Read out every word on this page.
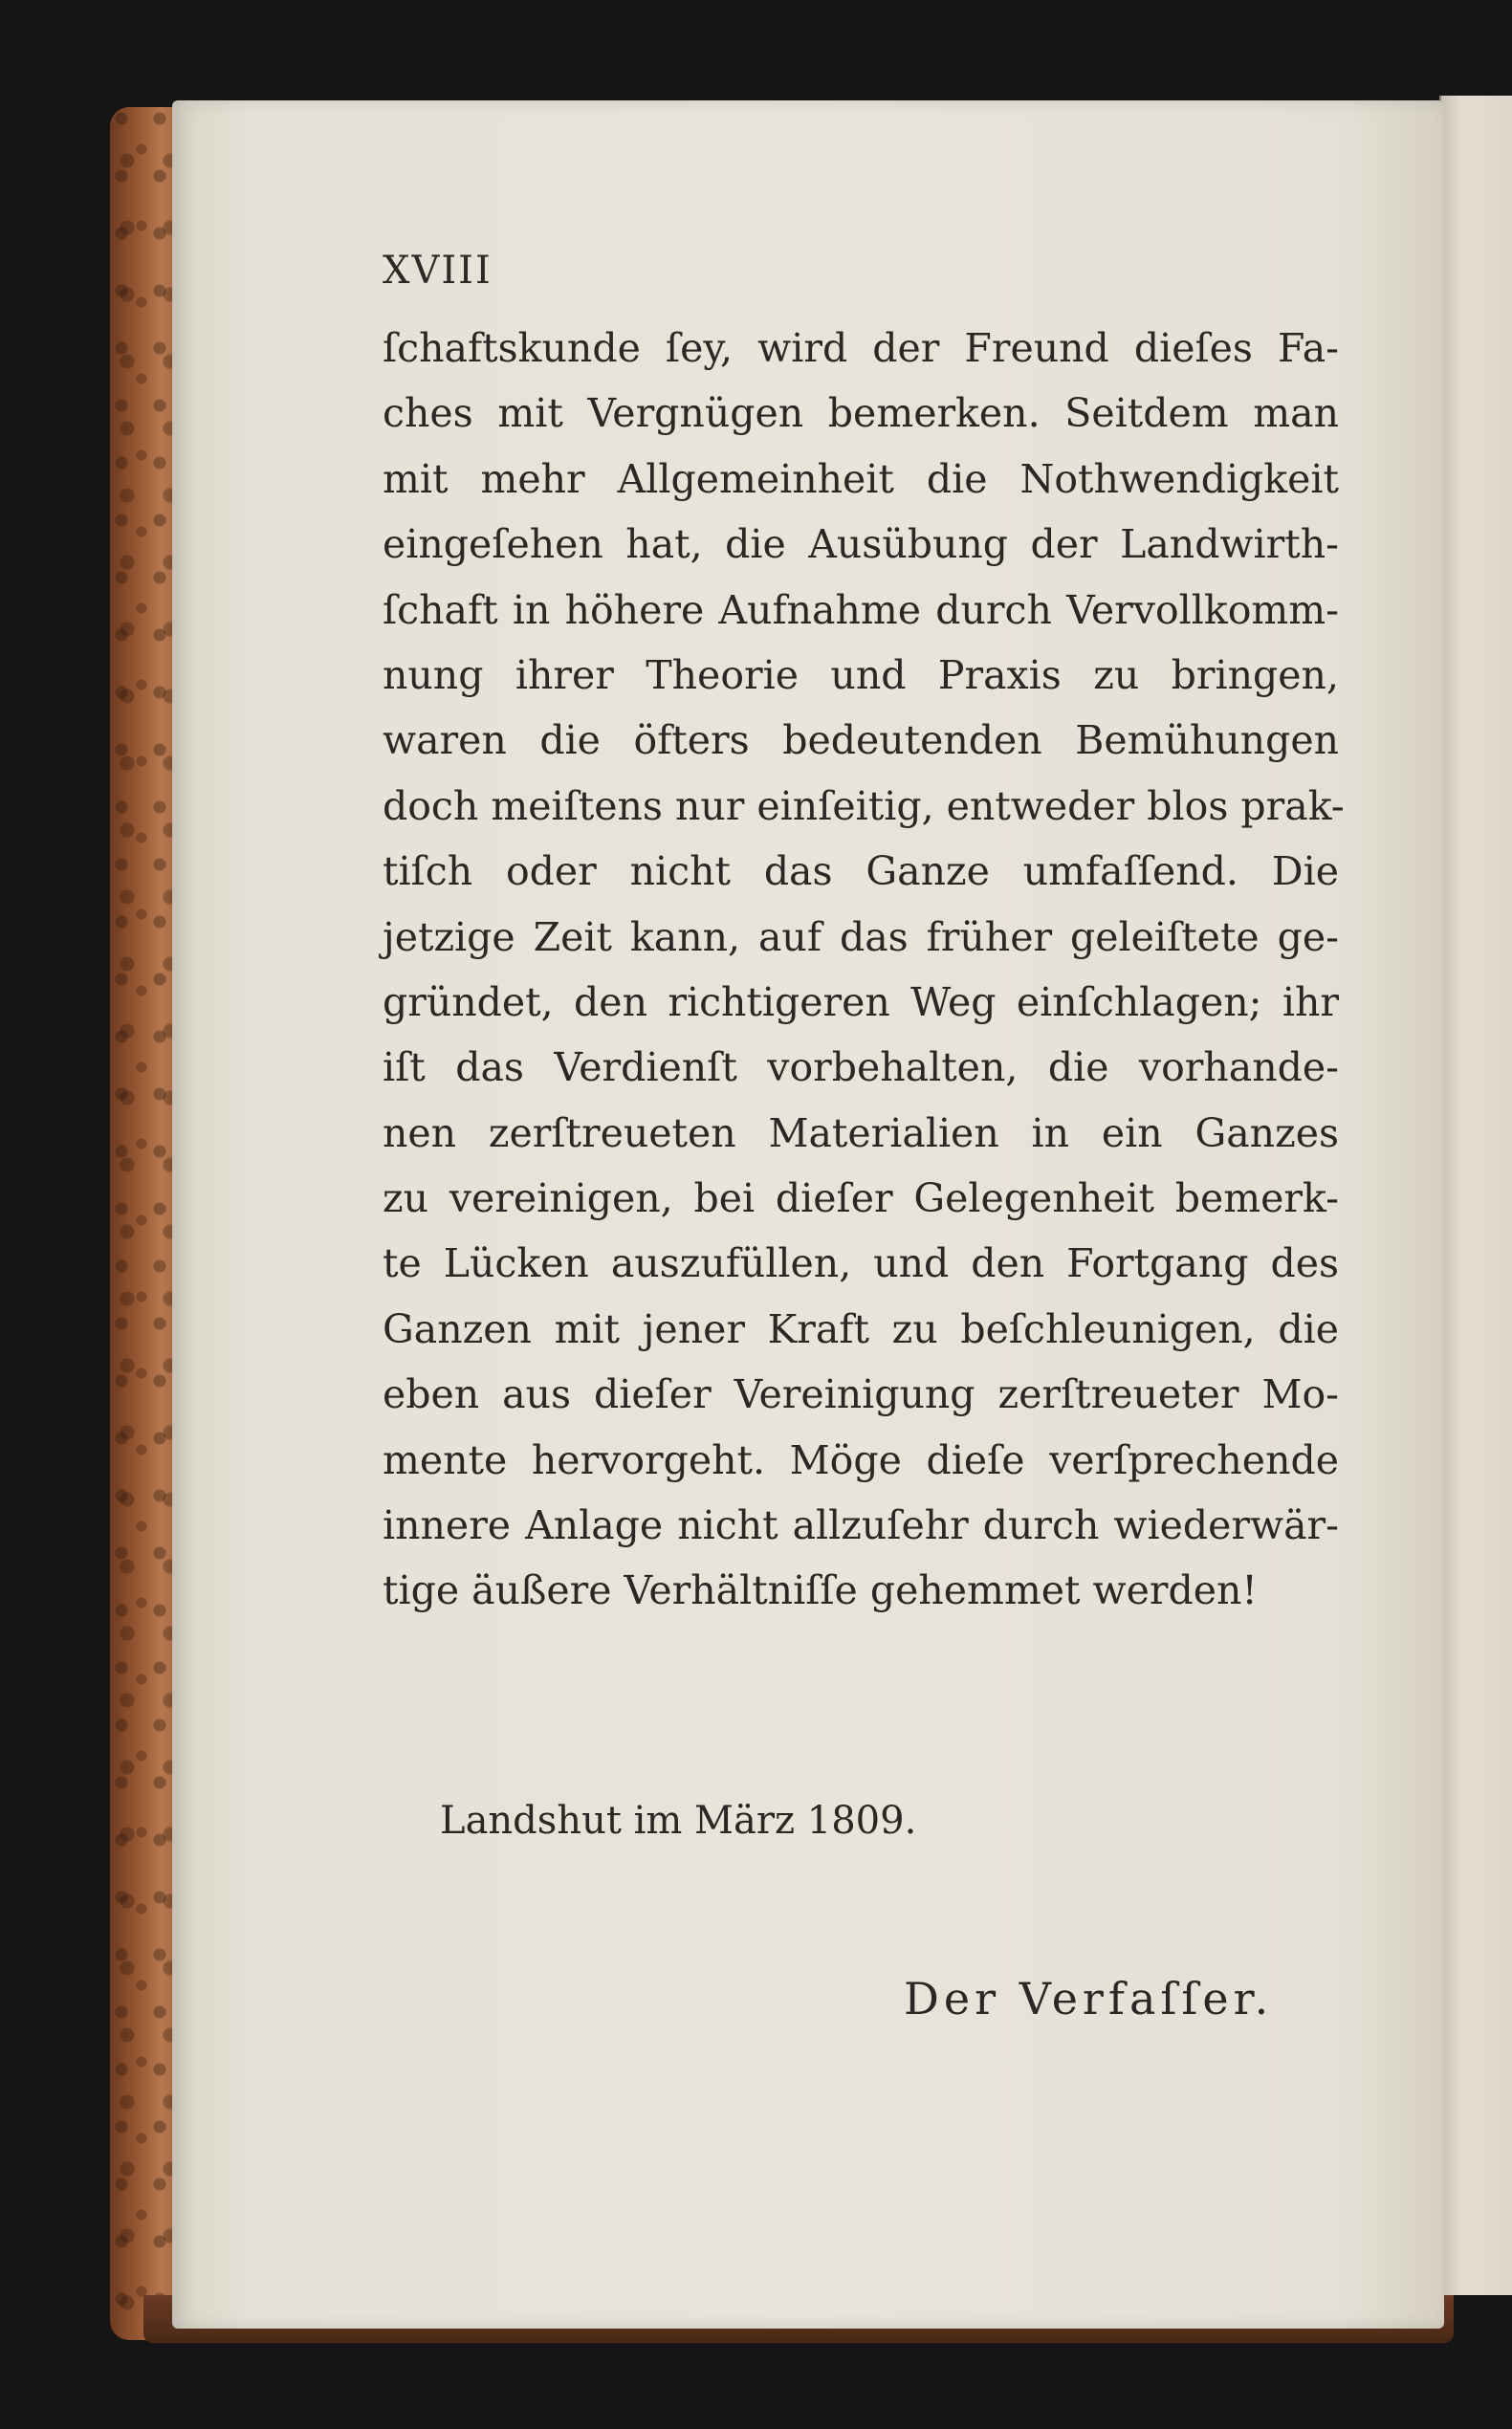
XVIII

ſchaftskunde ſey, wird der Freund dieſes Fa-
ches mit Vergnügen bemerken. Seitdem man
mit mehr Allgemeinheit die Nothwendigkeit
eingeſehen hat, die Ausübung der Landwirth-
ſchaft in höhere Aufnahme durch Vervollkomm-
nung ihrer Theorie und Praxis zu bringen,
waren die öfters bedeutenden Bemühungen
doch meiſtens nur einſeitig, entweder blos prak-
tiſch oder nicht das Ganze umfaſſend. Die
jetzige Zeit kann, auf das früher geleiſtete ge-
gründet, den richtigeren Weg einſchlagen; ihr
iſt das Verdienſt vorbehalten, die vorhande-
nen zerſtreueten Materialien in ein Ganzes
zu vereinigen, bei dieſer Gelegenheit bemerk-
te Lücken auszufüllen, und den Fortgang des
Ganzen mit jener Kraft zu beſchleunigen, die
eben aus dieſer Vereinigung zerſtreueter Mo-
mente hervorgeht. Möge dieſe verſprechende
innere Anlage nicht allzuſehr durch wiederwär-
tige äußere Verhältniſſe gehemmet werden!

Landshut im März 1809.

Der Verfaſſer.
